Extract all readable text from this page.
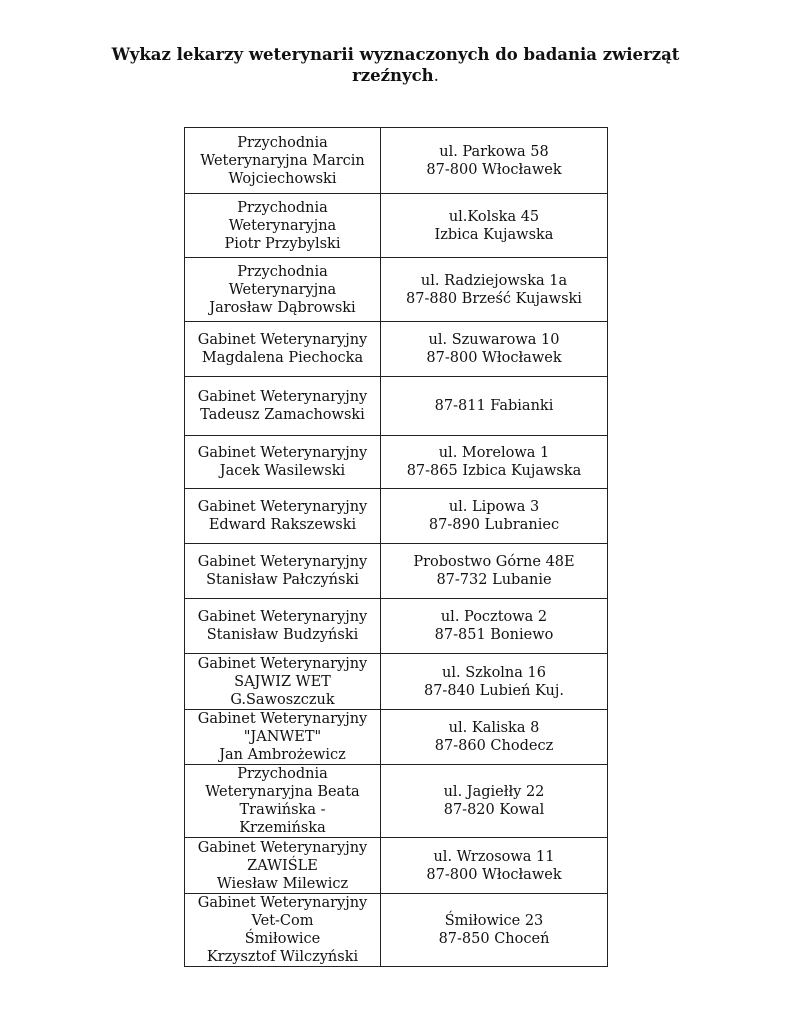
Wykaz lekarzy weterynarii wyznaczonych do badania zwierząt rzeźnych.
Przychodnia
Weterynaryjna Marcin
Wojciechowski	ul. Parkowa 58
87-800 Włocławek
Przychodnia
Weterynaryjna
Piotr Przybylski	ul.Kolska 45
Izbica Kujawska
Przychodnia
Weterynaryjna
Jarosław Dąbrowski	ul. Radziejowska 1a
87-880 Brześć Kujawski
Gabinet Weterynaryjny
Magdalena Piechocka	ul. Szuwarowa 10
87-800 Włocławek
Gabinet Weterynaryjny
Tadeusz Zamachowski	87-811 Fabianki
Gabinet Weterynaryjny
Jacek Wasilewski	ul. Morelowa 1
87-865 Izbica Kujawska
Gabinet Weterynaryjny
Edward Rakszewski	ul. Lipowa 3
87-890 Lubraniec
Gabinet Weterynaryjny
Stanisław Pałczyński	Probostwo Górne 48E
87-732 Lubanie
Gabinet Weterynaryjny
Stanisław Budzyński	ul. Pocztowa 2
87-851 Boniewo
Gabinet Weterynaryjny
SAJWIZ WET
G.Sawoszczuk	ul. Szkolna 16
87-840 Lubień Kuj.
Gabinet Weterynaryjny
"JANWET"
Jan Ambrożewicz	ul. Kaliska 8
87-860 Chodecz
Przychodnia
Weterynaryjna Beata
Trawińska -
Krzemińska	ul. Jagiełły 22
87-820 Kowal
Gabinet Weterynaryjny
ZAWIŚLE
Wiesław Milewicz	ul. Wrzosowa 11
87-800 Włocławek
Gabinet Weterynaryjny
Vet-Com
Śmiłowice
Krzysztof Wilczyński	Śmiłowice 23
87-850 Choceń
